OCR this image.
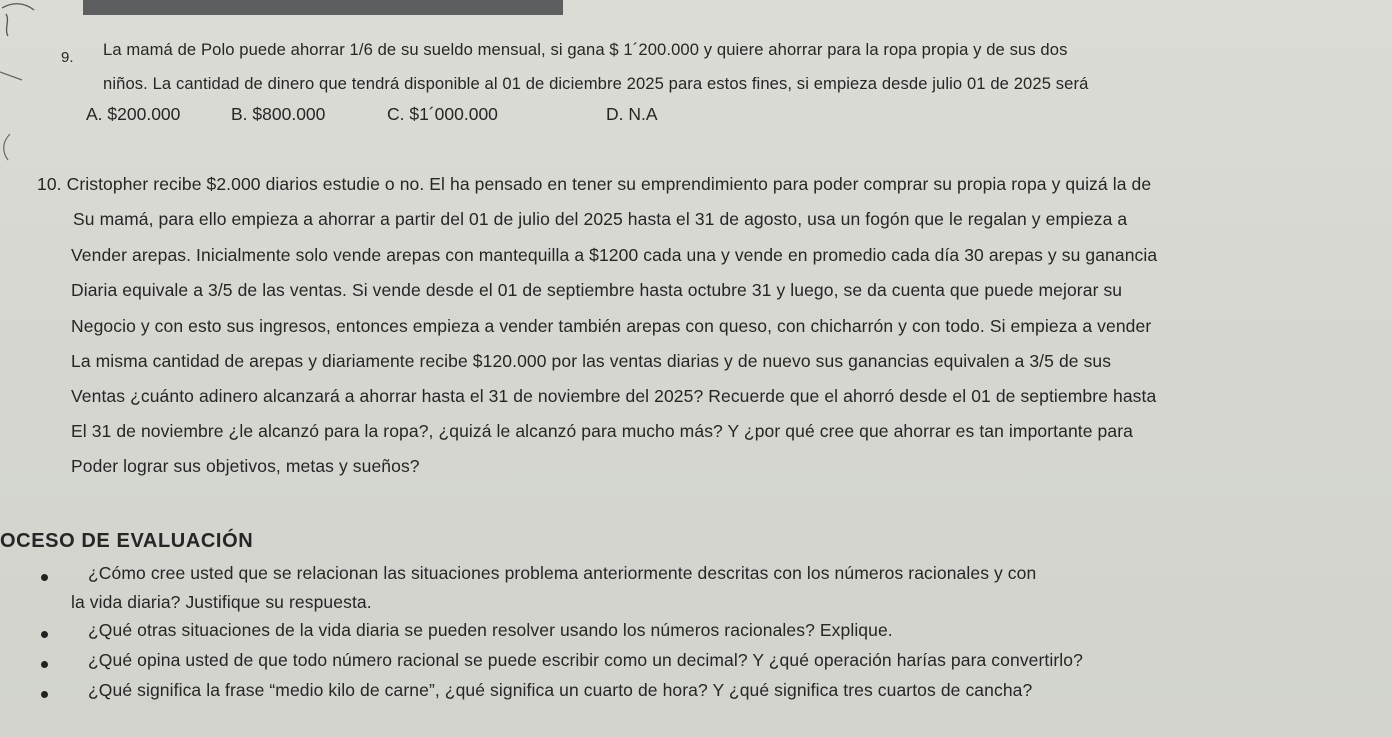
9. La mamá de Polo puede ahorrar 1/6 de su sueldo mensual, si gana $ 1´200.000 y quiere ahorrar para la ropa propia y de sus dos
niños. La cantidad de dinero que tendrá disponible al 01 de diciembre 2025 para estos fines, si empieza desde julio 01 de 2025 será
A. $200.000	B. $800.000	C. $1´000.000	D. N.A
10. Cristopher recibe $2.000 diarios estudie o no. El ha pensado en tener su emprendimiento para poder comprar su propia ropa y quizá la de
Su mamá, para ello empieza a ahorrar a partir del 01 de julio del 2025 hasta el 31 de agosto, usa un fogón que le regalan y empieza a
Vender arepas. Inicialmente solo vende arepas con mantequilla a $1200 cada una y vende en promedio cada día 30 arepas y su ganancia
Diaria equivale a 3/5 de las ventas. Si vende desde el 01 de septiembre hasta octubre 31 y luego, se da cuenta que puede mejorar su
Negocio y con esto sus ingresos, entonces empieza a vender también arepas con queso, con chicharrón y con todo. Si empieza a vender
La misma cantidad de arepas y diariamente recibe $120.000 por las ventas diarias y de nuevo sus ganancias equivalen a 3/5 de sus
Ventas ¿cuánto adinero alcanzará a ahorrar hasta el 31 de noviembre del 2025? Recuerde que el ahorró desde el 01 de septiembre hasta
El 31 de noviembre ¿le alcanzó para la ropa?, ¿quizá le alcanzó para mucho más? Y ¿por qué cree que ahorrar es tan importante para
Poder lograr sus objetivos, metas y sueños?
OCESO DE EVALUACIÓN
¿Cómo cree usted que se relacionan las situaciones problema anteriormente descritas con los números racionales y con
la vida diaria? Justifique su respuesta.
¿Qué otras situaciones de la vida diaria se pueden resolver usando los números racionales? Explique.
¿Qué opina usted de que todo número racional se puede escribir como un decimal? Y ¿qué operación harías para convertirlo?
¿Qué significa la frase “medio kilo de carne”, ¿qué significa un cuarto de hora? Y ¿qué significa tres cuartos de cancha?
